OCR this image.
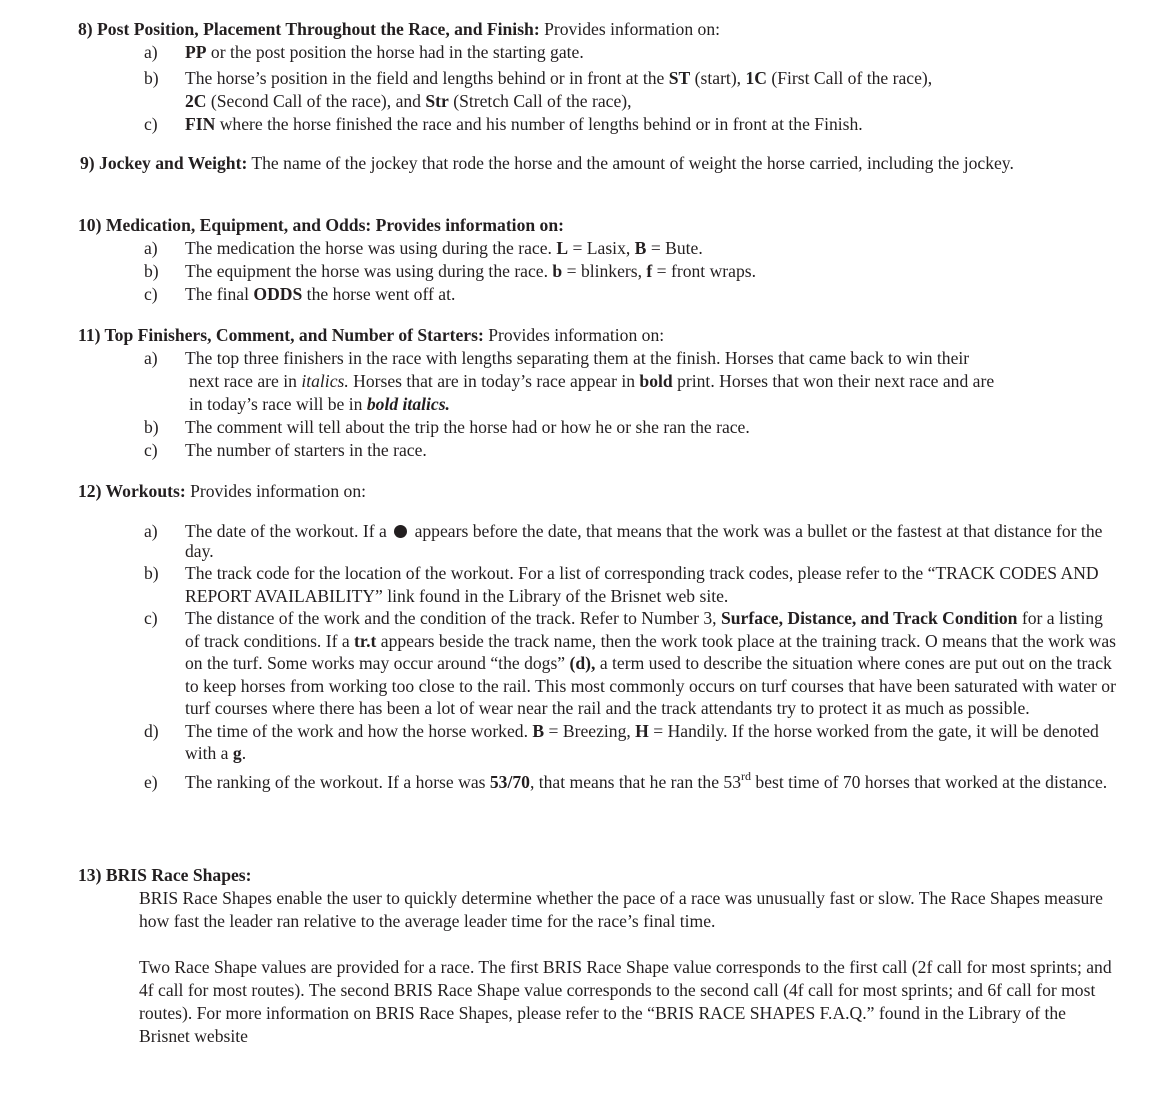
8) Post Position, Placement Throughout the Race, and Finish: Provides information on:
a)	PP or the post position the horse had in the starting gate.
b)	The horse’s position in the field and lengths behind or in front at the ST (start), 1C (First Call of the race),
2C (Second Call of the race), and Str (Stretch Call of the race),
c)	FIN where the horse finished the race and his number of lengths behind or in front at the Finish.
9) Jockey and Weight: The name of the jockey that rode the horse and the amount of weight the horse carried, including the jockey.
10) Medication, Equipment, and Odds: Provides information on:
a)	The medication the horse was using during the race. L = Lasix, B = Bute.
b)	The equipment the horse was using during the race. b = blinkers, f = front wraps.
c)	The final ODDS the horse went off at.
11) Top Finishers, Comment, and Number of Starters: Provides information on:
a)	The top three finishers in the race with lengths separating them at the finish. Horses that came back to win their
next race are in italics. Horses that are in today’s race appear in bold print. Horses that won their next race and are
in today’s race will be in bold italics.
b)	The comment will tell about the trip the horse had or how he or she ran the race.
c)	The number of starters in the race.
12) Workouts: Provides information on:
a)	The date of the workout. If a appears before the date, that means that the work was a bullet or the fastest at that distance for the day.
b)	The track code for the location of the workout. For a list of corresponding track codes, please refer to the “TRACK CODES AND REPORT AVAILABILITY” link found in the Library of the Brisnet web site.
c)	The distance of the work and the condition of the track. Refer to Number 3, Surface, Distance, and Track Condition for a listing of track conditions. If a tr.t appears beside the track name, then the work took place at the training track. O means that the work was on the turf. Some works may occur around “the dogs” (d), a term used to describe the situation where cones are put out on the track to keep horses from working too close to the rail. This most commonly occurs on turf courses that have been saturated with water or turf courses where there has been a lot of wear near the rail and the track attendants try to protect it as much as possible.
d)	The time of the work and how the horse worked. B = Breezing, H = Handily. If the horse worked from the gate, it will be denoted with a g.
e)	The ranking of the workout. If a horse was 53/70, that means that he ran the 53rd best time of 70 horses that worked at the distance.
13) BRIS Race Shapes:
BRIS Race Shapes enable the user to quickly determine whether the pace of a race was unusually fast or slow. The Race Shapes measure how fast the leader ran relative to the average leader time for the race’s final time.
Two Race Shape values are provided for a race. The first BRIS Race Shape value corresponds to the first call (2f call for most sprints; and 4f call for most routes). The second BRIS Race Shape value corresponds to the second call (4f call for most sprints; and 6f call for most routes). For more information on BRIS Race Shapes, please refer to the “BRIS RACE SHAPES F.A.Q.” found in the Library of the Brisnet website
